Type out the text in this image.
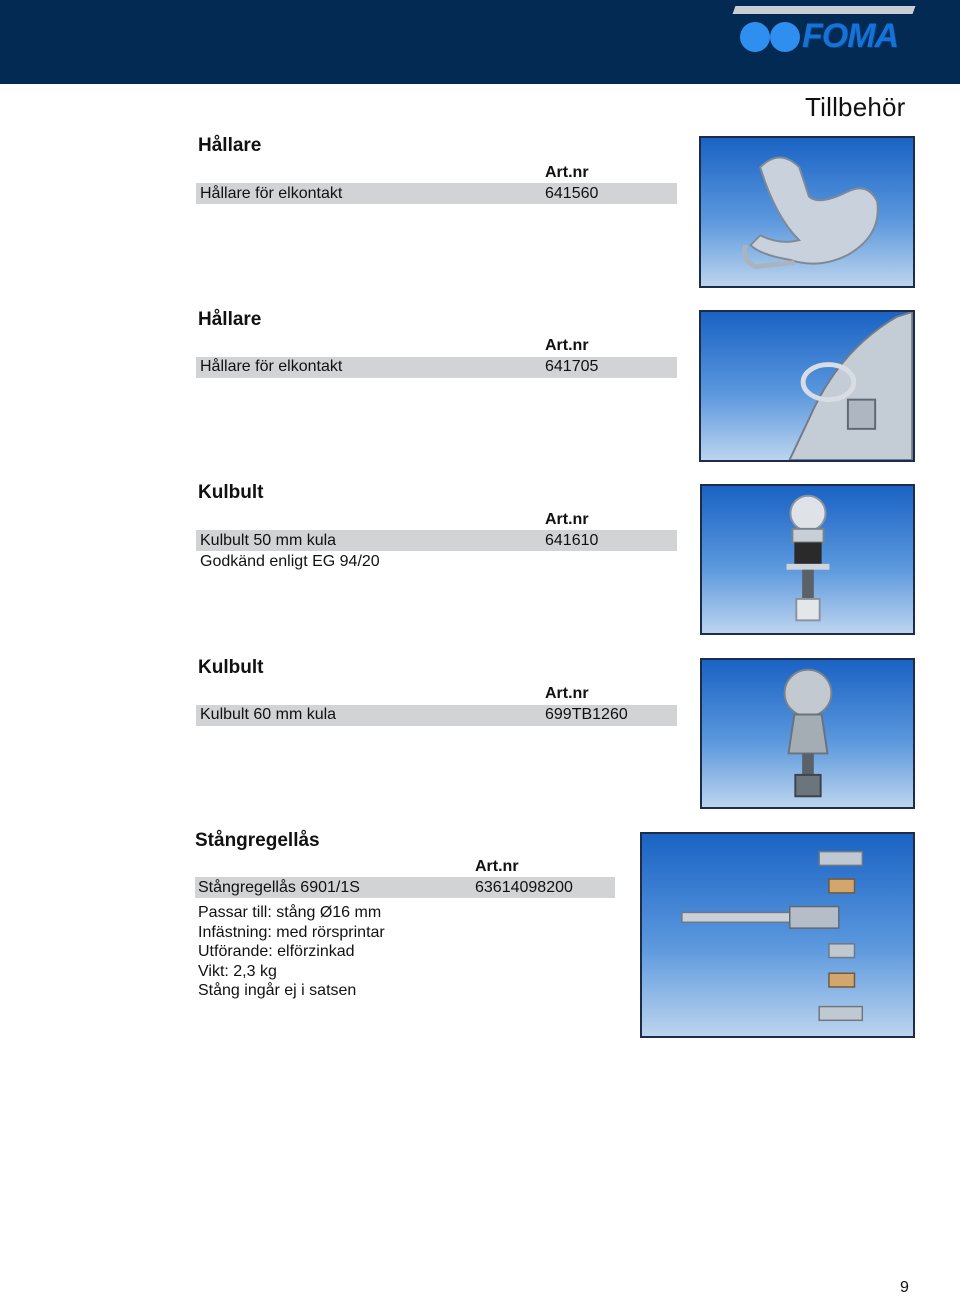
FOMA
Tillbehör
Hållare
Art.nr
Hållare för elkontakt	641560
Hållare
Art.nr
Hållare för elkontakt	641705
Kulbult
Art.nr
Kulbult 50 mm kula	641610
Godkänd enligt EG 94/20
Kulbult
Art.nr
Kulbult 60 mm kula	699TB1260
Stångregellås
Art.nr
Stångregellås 6901/1S	63614098200
Passar till: stång Ø16 mm
Infästning: med rörsprintar
Utförande: elförzinkad
Vikt: 2,3 kg
Stång ingår ej i satsen
9
